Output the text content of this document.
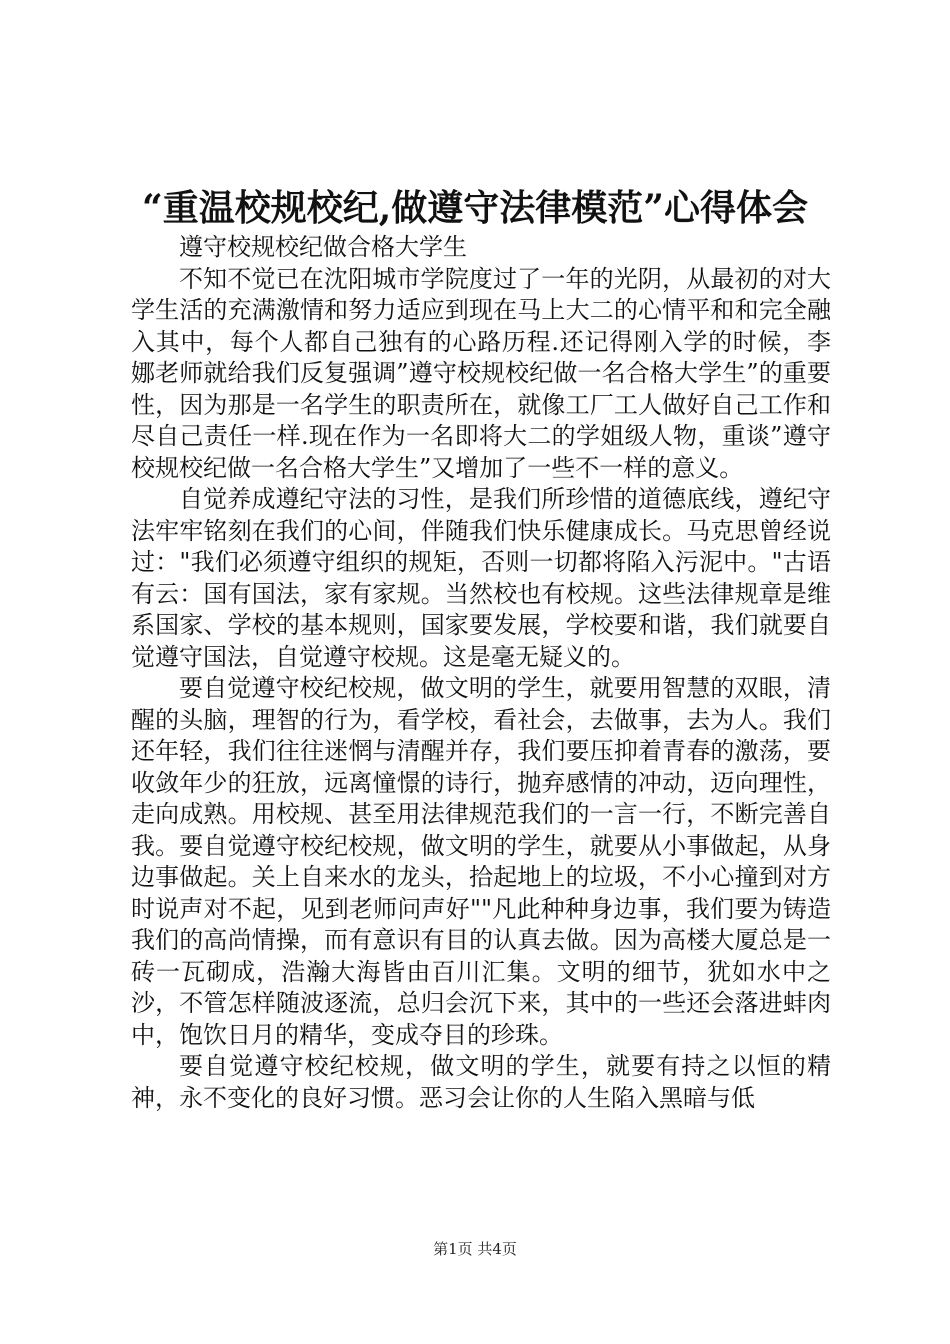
“重温校规校纪,做遵守法律模范”心得体会

遵守校规校纪做合格大学生

不知不觉已在沈阳城市学院度过了一年的光阴，从最初的对大学生活的充满激情和努力适应到现在马上大二的心情平和和完全融入其中，每个人都自己独有的心路历程.还记得刚入学的时候，李娜老师就给我们反复强调”遵守校规校纪做一名合格大学生”的重要性，因为那是一名学生的职责所在，就像工厂工人做好自己工作和尽自己责任一样.现在作为一名即将大二的学姐级人物，重谈”遵守校规校纪做一名合格大学生”又增加了一些不一样的意义。

自觉养成遵纪守法的习性，是我们所珍惜的道德底线，遵纪守法牢牢铭刻在我们的心间，伴随我们快乐健康成长。马克思曾经说过："我们必须遵守组织的规矩，否则一切都将陷入污泥中。"古语有云：国有国法，家有家规。当然校也有校规。这些法律规章是维系国家、学校的基本规则，国家要发展，学校要和谐，我们就要自觉遵守国法，自觉遵守校规。这是毫无疑义的。

要自觉遵守校纪校规，做文明的学生，就要用智慧的双眼，清醒的头脑，理智的行为，看学校，看社会，去做事，去为人。我们还年轻，我们往往迷惘与清醒并存，我们要压抑着青春的激荡，要收敛年少的狂放，远离憧憬的诗行，抛弃感情的冲动，迈向理性，走向成熟。用校规、甚至用法律规范我们的一言一行，不断完善自我。要自觉遵守校纪校规，做文明的学生，就要从小事做起，从身边事做起。关上自来水的龙头，拾起地上的垃圾，不小心撞到对方时说声对不起，见到老师问声好""凡此种种身边事，我们要为铸造我们的高尚情操，而有意识有目的认真去做。因为高楼大厦总是一砖一瓦砌成，浩瀚大海皆由百川汇集。文明的细节，犹如水中之沙，不管怎样随波逐流，总归会沉下来，其中的一些还会落进蚌肉中，饱饮日月的精华，变成夺目的珍珠。

要自觉遵守校纪校规，做文明的学生，就要有持之以恒的精神，永不变化的良好习惯。恶习会让你的人生陷入黑暗与低

第1页 共4页
